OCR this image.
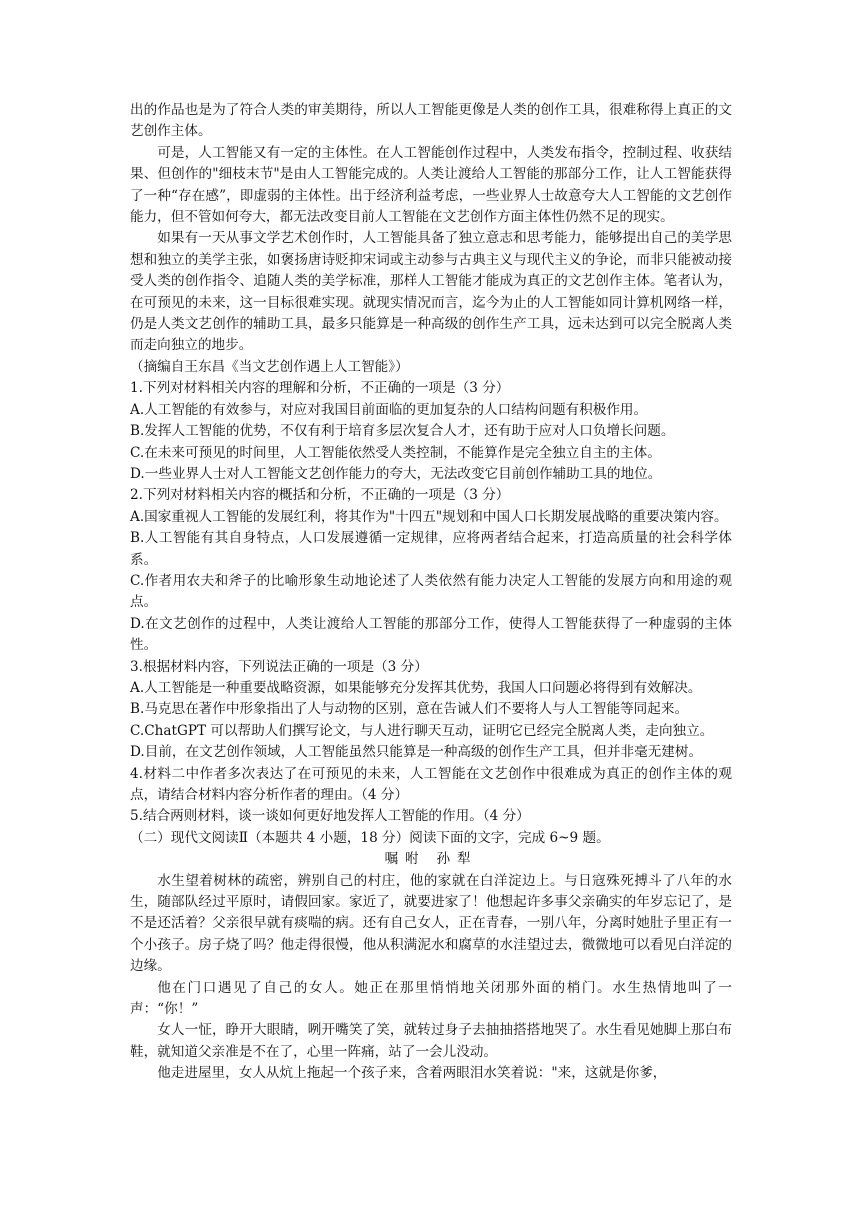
出的作品也是为了符合人类的审美期待，所以人工智能更像是人类的创作工具，很难称得上真正的文艺创作主体。

可是，人工智能又有一定的主体性。在人工智能创作过程中，人类发布指令，控制过程、收获结果、但创作的"细枝末节"是由人工智能完成的。人类让渡给人工智能的那部分工作，让人工智能获得了一种“存在感”，即虚弱的主体性。出于经济利益考虑，一些业界人士故意夸大人工智能的文艺创作能力，但不管如何夸大，都无法改变目前人工智能在文艺创作方面主体性仍然不足的现实。

如果有一天从事文学艺术创作时，人工智能具备了独立意志和思考能力，能够提出自己的美学思想和独立的美学主张，如褒扬唐诗贬抑宋词或主动参与古典主义与现代主义的争论，而非只能被动接受人类的创作指令、追随人类的美学标准，那样人工智能才能成为真正的文艺创作主体。笔者认为，在可预见的未来，这一目标很难实现。就现实情况而言，迄今为止的人工智能如同计算机网络一样，仍是人类文艺创作的辅助工具，最多只能算是一种高级的创作生产工具，远未达到可以完全脱离人类而走向独立的地步。

（摘编自王东昌《当文艺创作遇上人工智能》）

1.下列对材料相关内容的理解和分析，不正确的一项是（3 分）

A.人工智能的有效参与，对应对我国目前面临的更加复杂的人口结构问题有积极作用。

B.发挥人工智能的优势，不仅有利于培育多层次复合人才，还有助于应对人口负增长问题。

C.在未来可预见的时间里，人工智能依然受人类控制，不能算作是完全独立自主的主体。

D.一些业界人士对人工智能文艺创作能力的夸大，无法改变它目前创作辅助工具的地位。

2.下列对材料相关内容的概括和分析，不正确的一项是（3 分）

A.国家重视人工智能的发展红利，将其作为"十四五"规划和中国人口长期发展战略的重要决策内容。

B.人工智能有其自身特点，人口发展遵循一定规律，应将两者结合起来，打造高质量的社会科学体系。

C.作者用农夫和斧子的比喻形象生动地论述了人类依然有能力决定人工智能的发展方向和用途的观点。

D.在文艺创作的过程中，人类让渡给人工智能的那部分工作，使得人工智能获得了一种虚弱的主体性。

3.根据材料内容，下列说法正确的一项是（3 分）

A.人工智能是一种重要战略资源，如果能够充分发挥其优势，我国人口问题必将得到有效解决。

B.马克思在著作中形象指出了人与动物的区别，意在告诫人们不要将人与人工智能等同起来。

C.ChatGPT 可以帮助人们撰写论文，与人进行聊天互动，证明它已经完全脱离人类，走向独立。

D.目前，在文艺创作领域，人工智能虽然只能算是一种高级的创作生产工具，但并非毫无建树。

4.材料二中作者多次表达了在可预见的未来，人工智能在文艺创作中很难成为真正的创作主体的观点，请结合材料内容分析作者的理由。（4 分）

5.结合两则材料，谈一谈如何更好地发挥人工智能的作用。（4 分）

（二）现代文阅读Ⅱ（本题共 4 小题，18 分）阅读下面的文字，完成 6~9 题。

嘱咐 孙犁

水生望着树林的疏密，辨别自己的村庄，他的家就在白洋淀边上。与日寇殊死搏斗了八年的水生，随部队经过平原时，请假回家。家近了，就要进家了！他想起许多事父亲确实的年岁忘记了，是不是还活着？父亲很早就有痰喘的病。还有自己女人，正在青春，一别八年，分离时她肚子里正有一个小孩子。房子烧了吗？他走得很慢，他从积满泥水和腐草的水洼望过去，微微地可以看见白洋淀的边缘。

他在门口遇见了自己的女人。她正在那里悄悄地关闭那外面的梢门。水生热情地叫了一声：“你！”

女人一怔，睁开大眼睛，咧开嘴笑了笑，就转过身子去抽抽搭搭地哭了。水生看见她脚上那白布鞋，就知道父亲准是不在了，心里一阵痛，站了一会儿没动。

他走进屋里，女人从炕上拖起一个孩子来，含着两眼泪水笑着说："来，这就是你爹，
